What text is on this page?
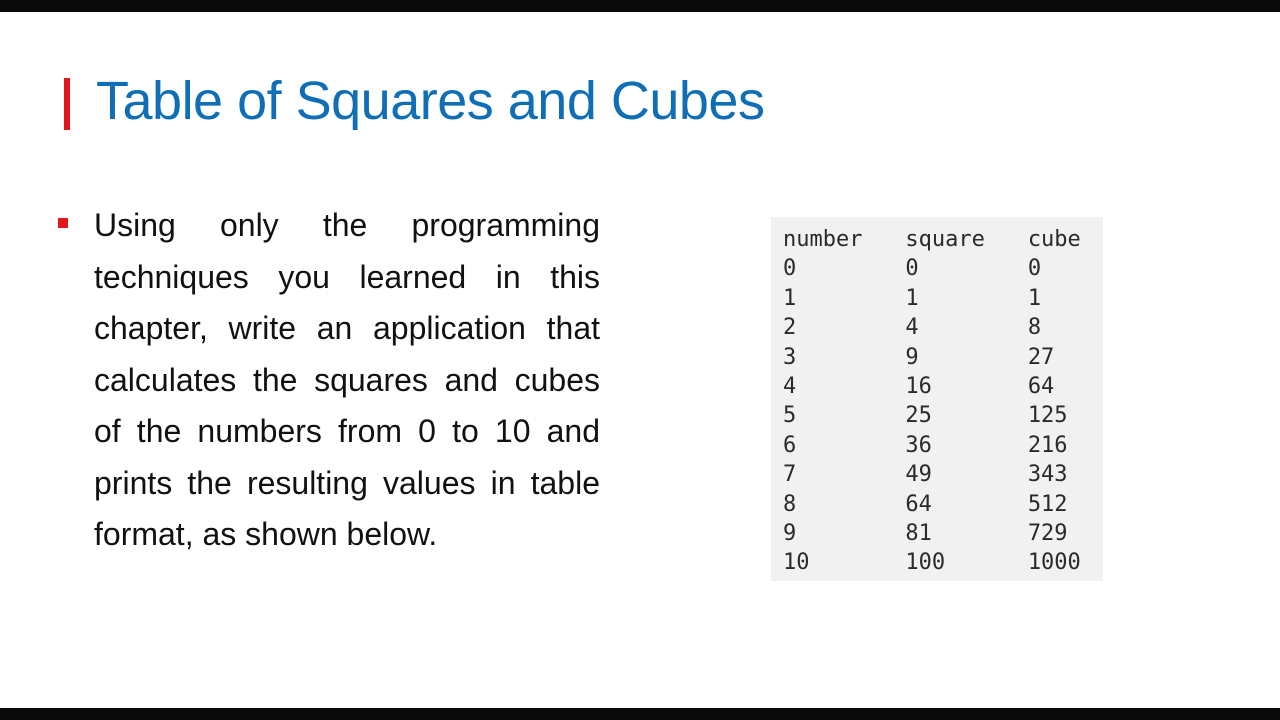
Table of Squares and Cubes

Using only the programming techniques you learned in this chapter, write an application that calculates the squares and cubes of the numbers from 0 to 10 and prints the resulting values in table format, as shown below.

number	square	cube
0	0	0
1	1	1
2	4	8
3	9	27
4	16	64
5	25	125
6	36	216
7	49	343
8	64	512
9	81	729
10	100	1000
